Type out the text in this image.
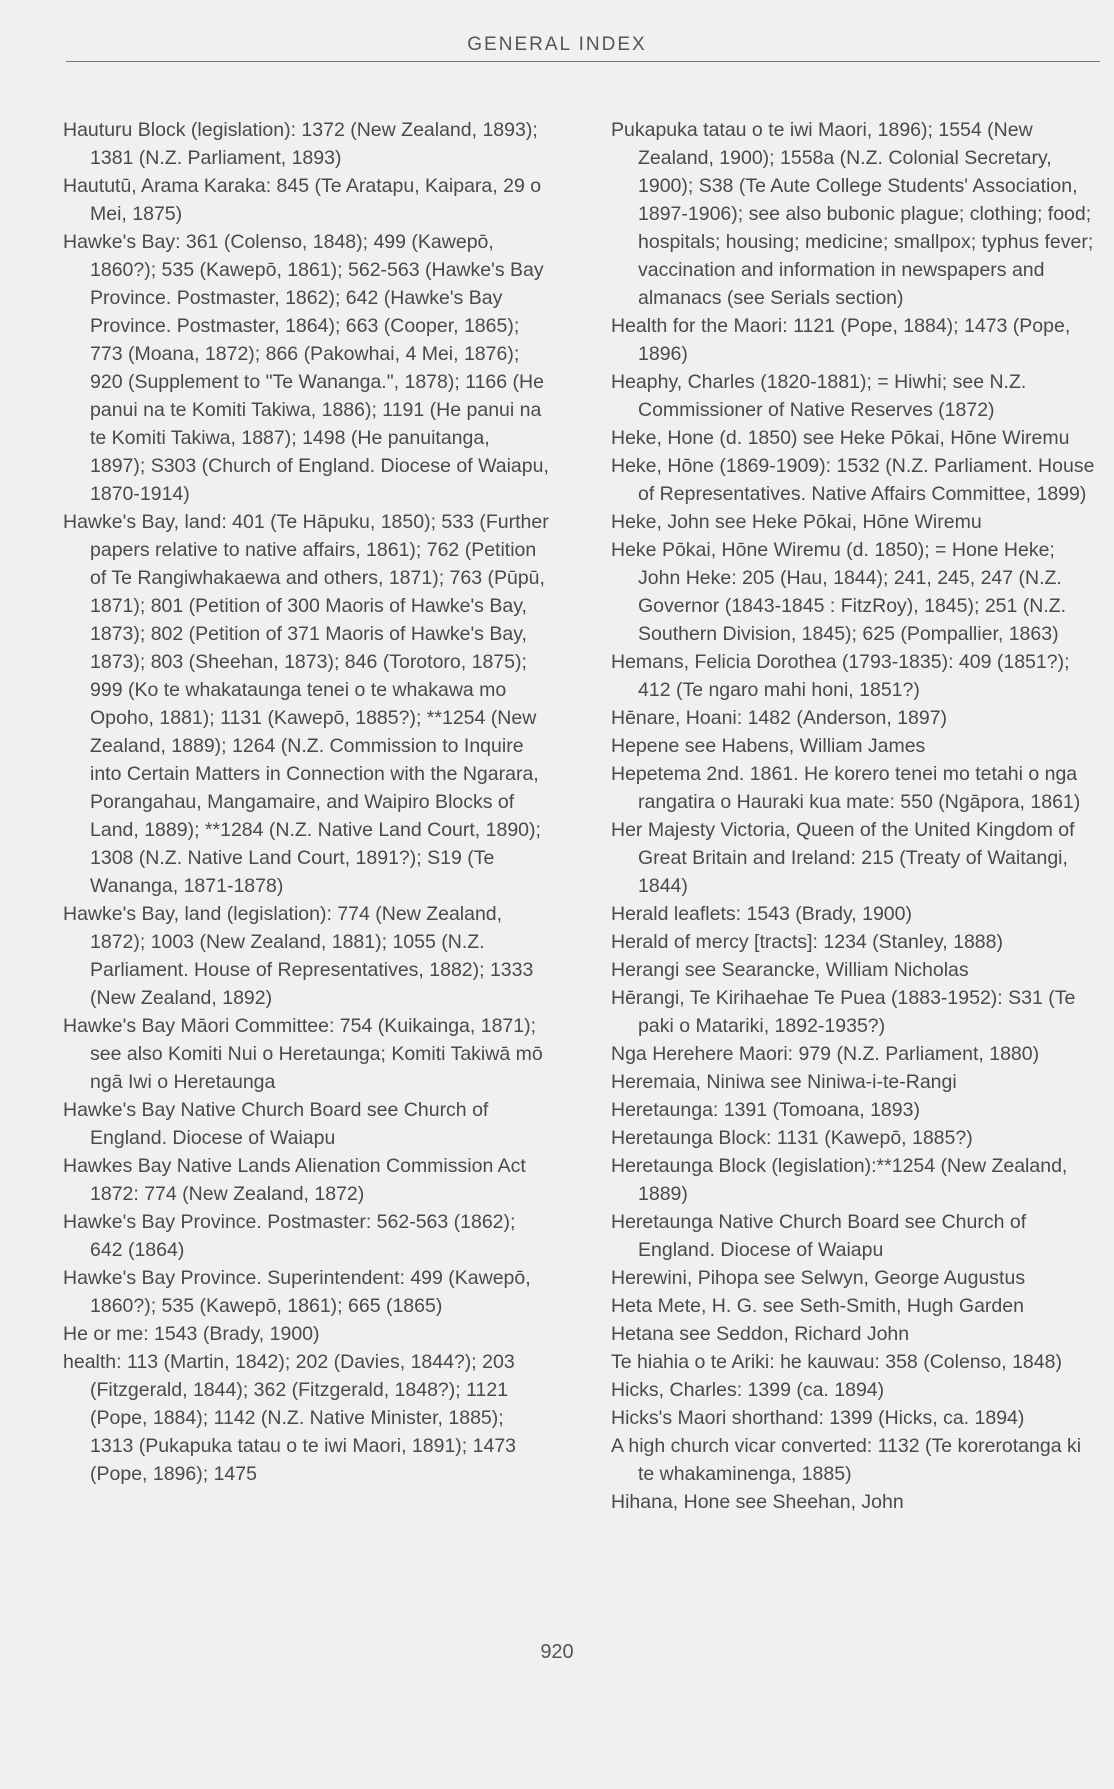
GENERAL INDEX

Hauturu Block (legislation): 1372 (New Zealand, 1893); 1381 (N.Z. Parliament, 1893)

Haututū, Arama Karaka: 845 (Te Aratapu, Kaipara, 29 o Mei, 1875)

Hawke's Bay: 361 (Colenso, 1848); 499 (Kawepō, 1860?); 535 (Kawepō, 1861); 562-563 (Hawke's Bay Province. Postmaster, 1862); 642 (Hawke's Bay Province. Postmaster, 1864); 663 (Cooper, 1865); 773 (Moana, 1872); 866 (Pakowhai, 4 Mei, 1876); 920 (Supplement to "Te Wananga.", 1878); 1166 (He panui na te Komiti Takiwa, 1886); 1191 (He panui na te Komiti Takiwa, 1887); 1498 (He panuitanga, 1897); S303 (Church of England. Diocese of Waiapu, 1870-1914)

Hawke's Bay, land: 401 (Te Hāpuku, 1850); 533 (Further papers relative to native affairs, 1861); 762 (Petition of Te Rangiwhakaewa and others, 1871); 763 (Pūpū, 1871); 801 (Petition of 300 Maoris of Hawke's Bay, 1873); 802 (Petition of 371 Maoris of Hawke's Bay, 1873); 803 (Sheehan, 1873); 846 (Torotoro, 1875); 999 (Ko te whakataunga tenei o te whakawa mo Opoho, 1881); 1131 (Kawepō, 1885?); **1254 (New Zealand, 1889); 1264 (N.Z. Commission to Inquire into Certain Matters in Connection with the Ngarara, Porangahau, Mangamaire, and Waipiro Blocks of Land, 1889); **1284 (N.Z. Native Land Court, 1890); 1308 (N.Z. Native Land Court, 1891?); S19 (Te Wananga, 1871-1878)

Hawke's Bay, land (legislation): 774 (New Zealand, 1872); 1003 (New Zealand, 1881); 1055 (N.Z. Parliament. House of Representatives, 1882); 1333 (New Zealand, 1892)

Hawke's Bay Māori Committee: 754 (Kuikainga, 1871); see also Komiti Nui o Heretaunga; Komiti Takiwā mō ngā Iwi o Heretaunga

Hawke's Bay Native Church Board see Church of England. Diocese of Waiapu

Hawkes Bay Native Lands Alienation Commission Act 1872: 774 (New Zealand, 1872)

Hawke's Bay Province. Postmaster: 562-563 (1862); 642 (1864)

Hawke's Bay Province. Superintendent: 499 (Kawepō, 1860?); 535 (Kawepō, 1861); 665 (1865)

He or me: 1543 (Brady, 1900)

health: 113 (Martin, 1842); 202 (Davies, 1844?); 203 (Fitzgerald, 1844); 362 (Fitzgerald, 1848?); 1121 (Pope, 1884); 1142 (N.Z. Native Minister, 1885); 1313 (Pukapuka tatau o te iwi Maori, 1891); 1473 (Pope, 1896); 1475

Pukapuka tatau o te iwi Maori, 1896); 1554 (New Zealand, 1900); 1558a (N.Z. Colonial Secretary, 1900); S38 (Te Aute College Students' Association, 1897-1906); see also bubonic plague; clothing; food; hospitals; housing; medicine; smallpox; typhus fever; vaccination and information in newspapers and almanacs (see Serials section)

Health for the Maori: 1121 (Pope, 1884); 1473 (Pope, 1896)

Heaphy, Charles (1820-1881); = Hiwhi; see N.Z. Commissioner of Native Reserves (1872)

Heke, Hone (d. 1850) see Heke Pōkai, Hōne Wiremu

Heke, Hōne (1869-1909): 1532 (N.Z. Parliament. House of Representatives. Native Affairs Committee, 1899)

Heke, John see Heke Pōkai, Hōne Wiremu

Heke Pōkai, Hōne Wiremu (d. 1850); = Hone Heke; John Heke: 205 (Hau, 1844); 241, 245, 247 (N.Z. Governor (1843-1845 : FitzRoy), 1845); 251 (N.Z. Southern Division, 1845); 625 (Pompallier, 1863)

Hemans, Felicia Dorothea (1793-1835): 409 (1851?); 412 (Te ngaro mahi honi, 1851?)

Hēnare, Hoani: 1482 (Anderson, 1897)

Hepene see Habens, William James

Hepetema 2nd. 1861. He korero tenei mo tetahi o nga rangatira o Hauraki kua mate: 550 (Ngāpora, 1861)

Her Majesty Victoria, Queen of the United Kingdom of Great Britain and Ireland: 215 (Treaty of Waitangi, 1844)

Herald leaflets: 1543 (Brady, 1900)

Herald of mercy [tracts]: 1234 (Stanley, 1888)

Herangi see Searancke, William Nicholas

Hērangi, Te Kirihaehae Te Puea (1883-1952): S31 (Te paki o Matariki, 1892-1935?)

Nga Herehere Maori: 979 (N.Z. Parliament, 1880)

Heremaia, Niniwa see Niniwa-i-te-Rangi

Heretaunga: 1391 (Tomoana, 1893)

Heretaunga Block: 1131 (Kawepō, 1885?)

Heretaunga Block (legislation):**1254 (New Zealand, 1889)

Heretaunga Native Church Board see Church of England. Diocese of Waiapu

Herewini, Pihopa see Selwyn, George Augustus

Heta Mete, H. G. see Seth-Smith, Hugh Garden

Hetana see Seddon, Richard John

Te hiahia o te Ariki: he kauwau: 358 (Colenso, 1848)

Hicks, Charles: 1399 (ca. 1894)

Hicks's Maori shorthand: 1399 (Hicks, ca. 1894)

A high church vicar converted: 1132 (Te korerotanga ki te whakaminenga, 1885)

Hihana, Hone see Sheehan, John

920
